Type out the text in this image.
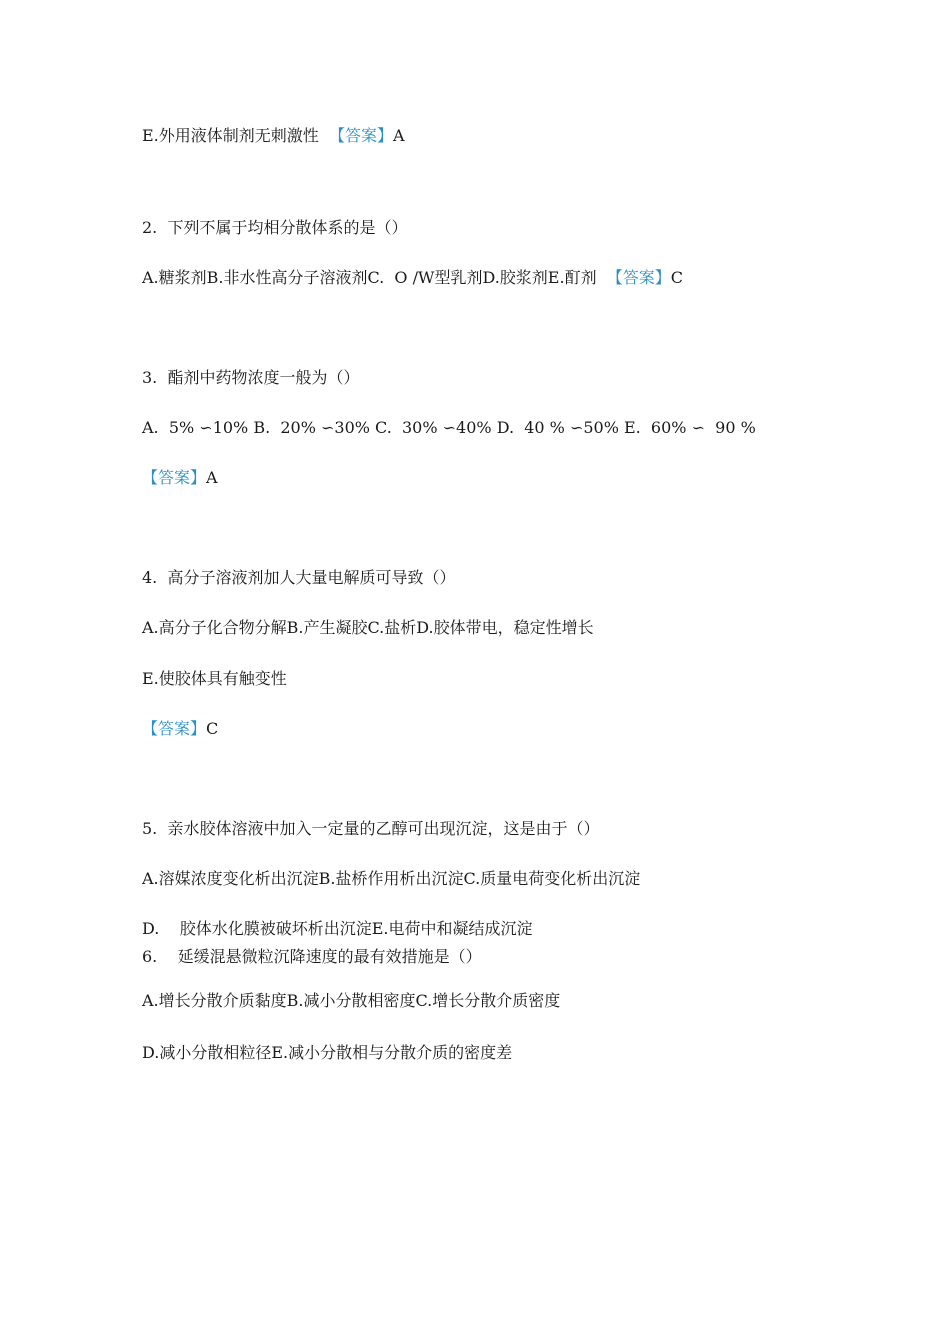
E.外用液体制剂无刺激性  【答案】A
2.  下列不属于均相分散体系的是（）
A.糖浆剂B.非水性高分子溶液剂C.  O /W型乳剂D.胶浆剂E.酊剂  【答案】C
3.  酯剂中药物浓度一般为（）
A.  5% ∽10% B.  20% ∽30% C.  30% ∽40% D.  40 % ∽50% E.  60% ∽  90 %
【答案】A
4.  高分子溶液剂加人大量电解质可导致（）
A.高分子化合物分解B.产生凝胶C.盐析D.胶体带电，稳定性增长
E.使胶体具有触变性
【答案】C
5.  亲水胶体溶液中加入一定量的乙醇可出现沉淀，这是由于（）
A.溶媒浓度变化析出沉淀B.盐桥作用析出沉淀C.质量电荷变化析出沉淀
D.    胶体水化膜被破坏析出沉淀E.电荷中和凝结成沉淀
6.    延缓混悬微粒沉降速度的最有效措施是（）
A.增长分散介质黏度B.减小分散相密度C.增长分散介质密度
D.减小分散相粒径E.减小分散相与分散介质的密度差
